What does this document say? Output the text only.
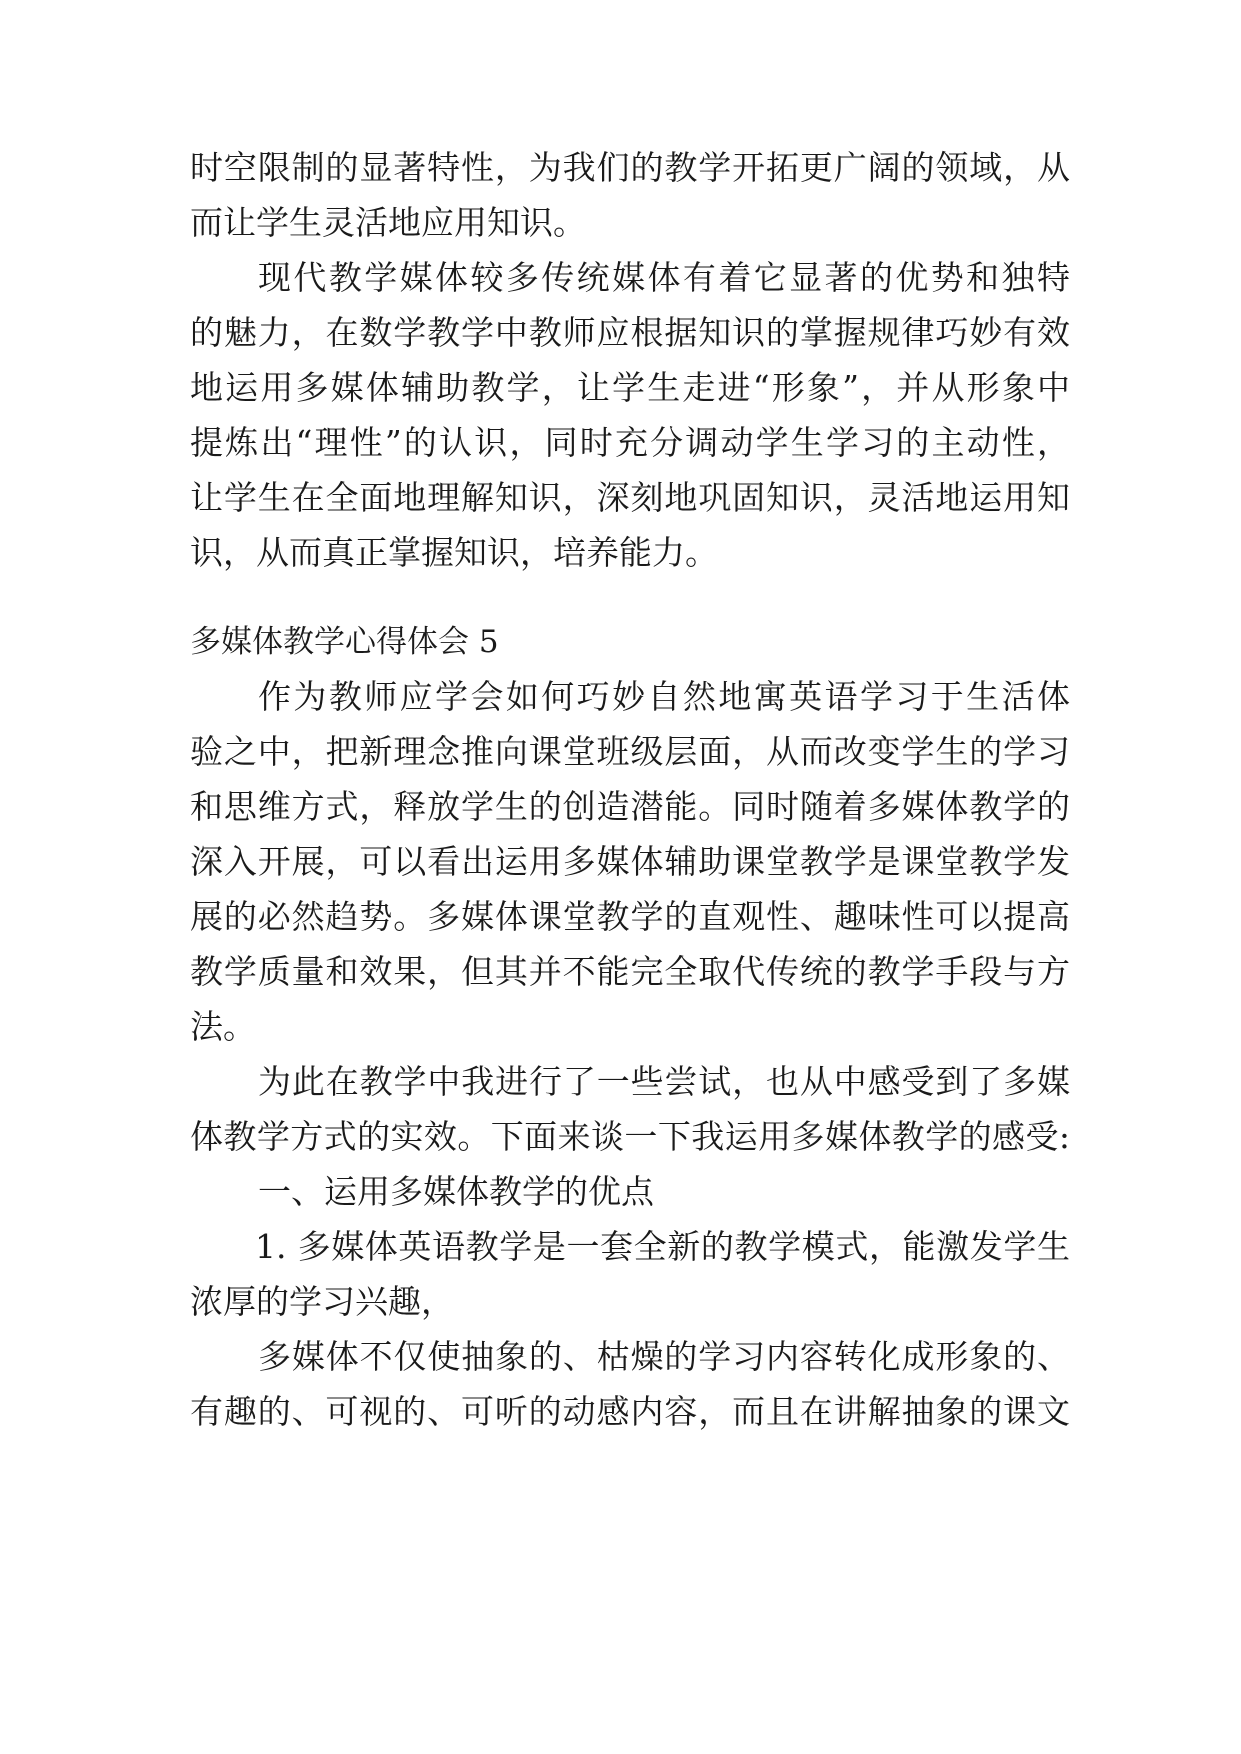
时空限制的显著特性，为我们的教学开拓更广阔的领域，从
而让学生灵活地应用知识。
现代教学媒体较多传统媒体有着它显著的优势和独特
的魅力，在数学教学中教师应根据知识的掌握规律巧妙有效
地运用多媒体辅助教学，让学生走进“形象”，并从形象中
提炼出“理性”的认识，同时充分调动学生学习的主动性，
让学生在全面地理解知识，深刻地巩固知识，灵活地运用知
识，从而真正掌握知识，培养能力。
多媒体教学心得体会 5
作为教师应学会如何巧妙自然地寓英语学习于生活体
验之中，把新理念推向课堂班级层面，从而改变学生的学习
和思维方式，释放学生的创造潜能。同时随着多媒体教学的
深入开展，可以看出运用多媒体辅助课堂教学是课堂教学发
展的必然趋势。多媒体课堂教学的直观性、趣味性可以提高
教学质量和效果，但其并不能完全取代传统的教学手段与方
法。
为此在教学中我进行了一些尝试，也从中感受到了多媒
体教学方式的实效。下面来谈一下我运用多媒体教学的感受:
一、运用多媒体教学的优点
1. 多媒体英语教学是一套全新的教学模式，能激发学生
浓厚的学习兴趣，
多媒体不仅使抽象的、枯燥的学习内容转化成形象的、
有趣的、可视的、可听的动感内容，而且在讲解抽象的课文
